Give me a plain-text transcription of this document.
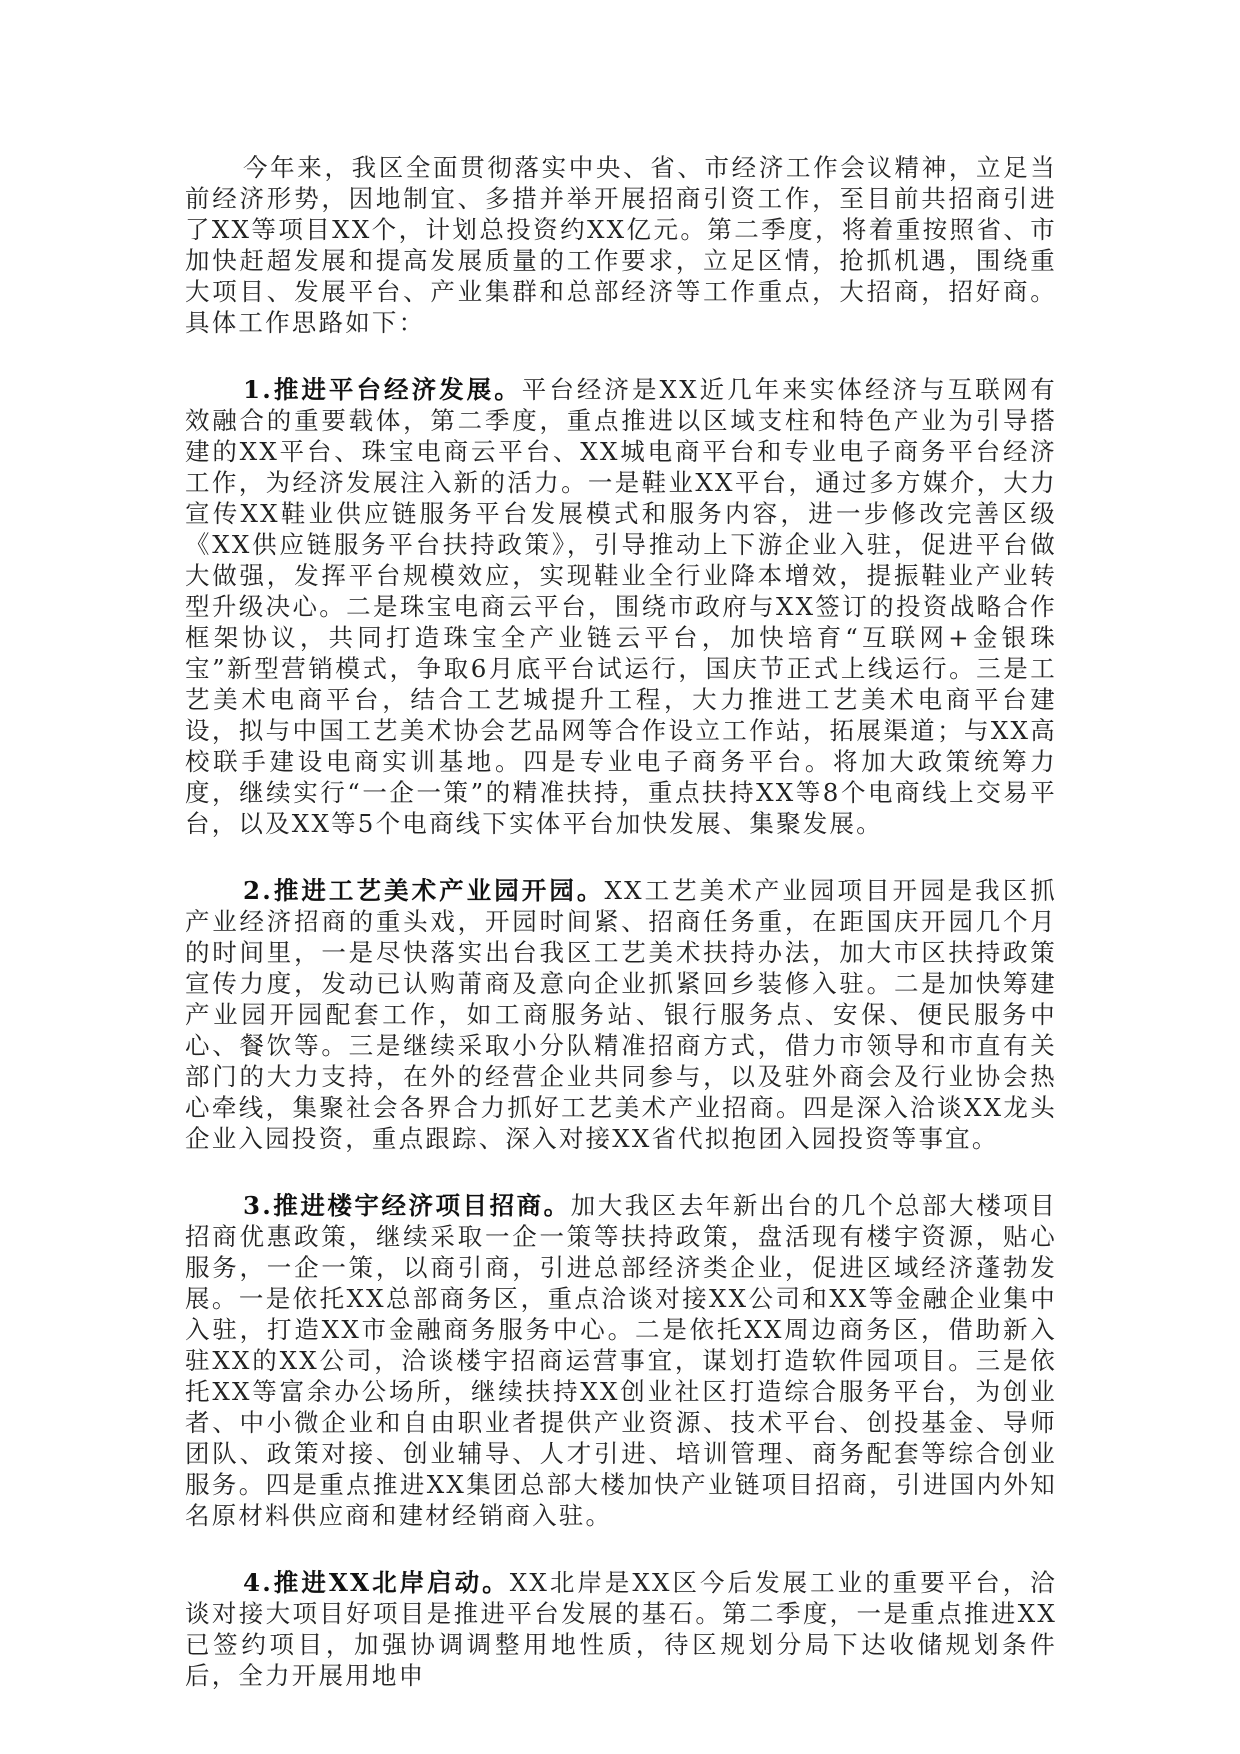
今年来，我区全面贯彻落实中央、省、市经济工作会议精神，立足当前经济形势，因地制宜、多措并举开展招商引资工作，至目前共招商引进了XX等项目XX个，计划总投资约XX亿元。第二季度，将着重按照省、市加快赶超发展和提高发展质量的工作要求，立足区情，抢抓机遇，围绕重大项目、发展平台、产业集群和总部经济等工作重点，大招商，招好商。具体工作思路如下：

1.推进平台经济发展。平台经济是XX近几年来实体经济与互联网有效融合的重要载体，第二季度，重点推进以区域支柱和特色产业为引导搭建的XX平台、珠宝电商云平台、XX城电商平台和专业电子商务平台经济工作，为经济发展注入新的活力。一是鞋业XX平台，通过多方媒介，大力宣传XX鞋业供应链服务平台发展模式和服务内容，进一步修改完善区级《XX供应链服务平台扶持政策》，引导推动上下游企业入驻，促进平台做大做强，发挥平台规模效应，实现鞋业全行业降本增效，提振鞋业产业转型升级决心。二是珠宝电商云平台，围绕市政府与XX签订的投资战略合作框架协议，共同打造珠宝全产业链云平台，加快培育“互联网+金银珠宝”新型营销模式，争取6月底平台试运行，国庆节正式上线运行。三是工艺美术电商平台，结合工艺城提升工程，大力推进工艺美术电商平台建设，拟与中国工艺美术协会艺品网等合作设立工作站，拓展渠道；与XX高校联手建设电商实训基地。四是专业电子商务平台。将加大政策统筹力度，继续实行“一企一策”的精准扶持，重点扶持XX等8个电商线上交易平台，以及XX等5个电商线下实体平台加快发展、集聚发展。

2.推进工艺美术产业园开园。XX工艺美术产业园项目开园是我区抓产业经济招商的重头戏，开园时间紧、招商任务重，在距国庆开园几个月的时间里，一是尽快落实出台我区工艺美术扶持办法，加大市区扶持政策宣传力度，发动已认购莆商及意向企业抓紧回乡装修入驻。二是加快筹建产业园开园配套工作，如工商服务站、银行服务点、安保、便民服务中心、餐饮等。三是继续采取小分队精准招商方式，借力市领导和市直有关部门的大力支持，在外的经营企业共同参与，以及驻外商会及行业协会热心牵线，集聚社会各界合力抓好工艺美术产业招商。四是深入洽谈XX龙头企业入园投资，重点跟踪、深入对接XX省代拟抱团入园投资等事宜。

3.推进楼宇经济项目招商。加大我区去年新出台的几个总部大楼项目招商优惠政策，继续采取一企一策等扶持政策，盘活现有楼宇资源，贴心服务，一企一策，以商引商，引进总部经济类企业，促进区域经济蓬勃发展。一是依托XX总部商务区，重点洽谈对接XX公司和XX等金融企业集中入驻，打造XX市金融商务服务中心。二是依托XX周边商务区，借助新入驻XX的XX公司，洽谈楼宇招商运营事宜，谋划打造软件园项目。三是依托XX等富余办公场所，继续扶持XX创业社区打造综合服务平台，为创业者、中小微企业和自由职业者提供产业资源、技术平台、创投基金、导师团队、政策对接、创业辅导、人才引进、培训管理、商务配套等综合创业服务。四是重点推进XX集团总部大楼加快产业链项目招商，引进国内外知名原材料供应商和建材经销商入驻。

4.推进XX北岸启动。XX北岸是XX区今后发展工业的重要平台，洽谈对接大项目好项目是推进平台发展的基石。第二季度，一是重点推进XX已签约项目，加强协调调整用地性质，待区规划分局下达收储规划条件后，全力开展用地申
